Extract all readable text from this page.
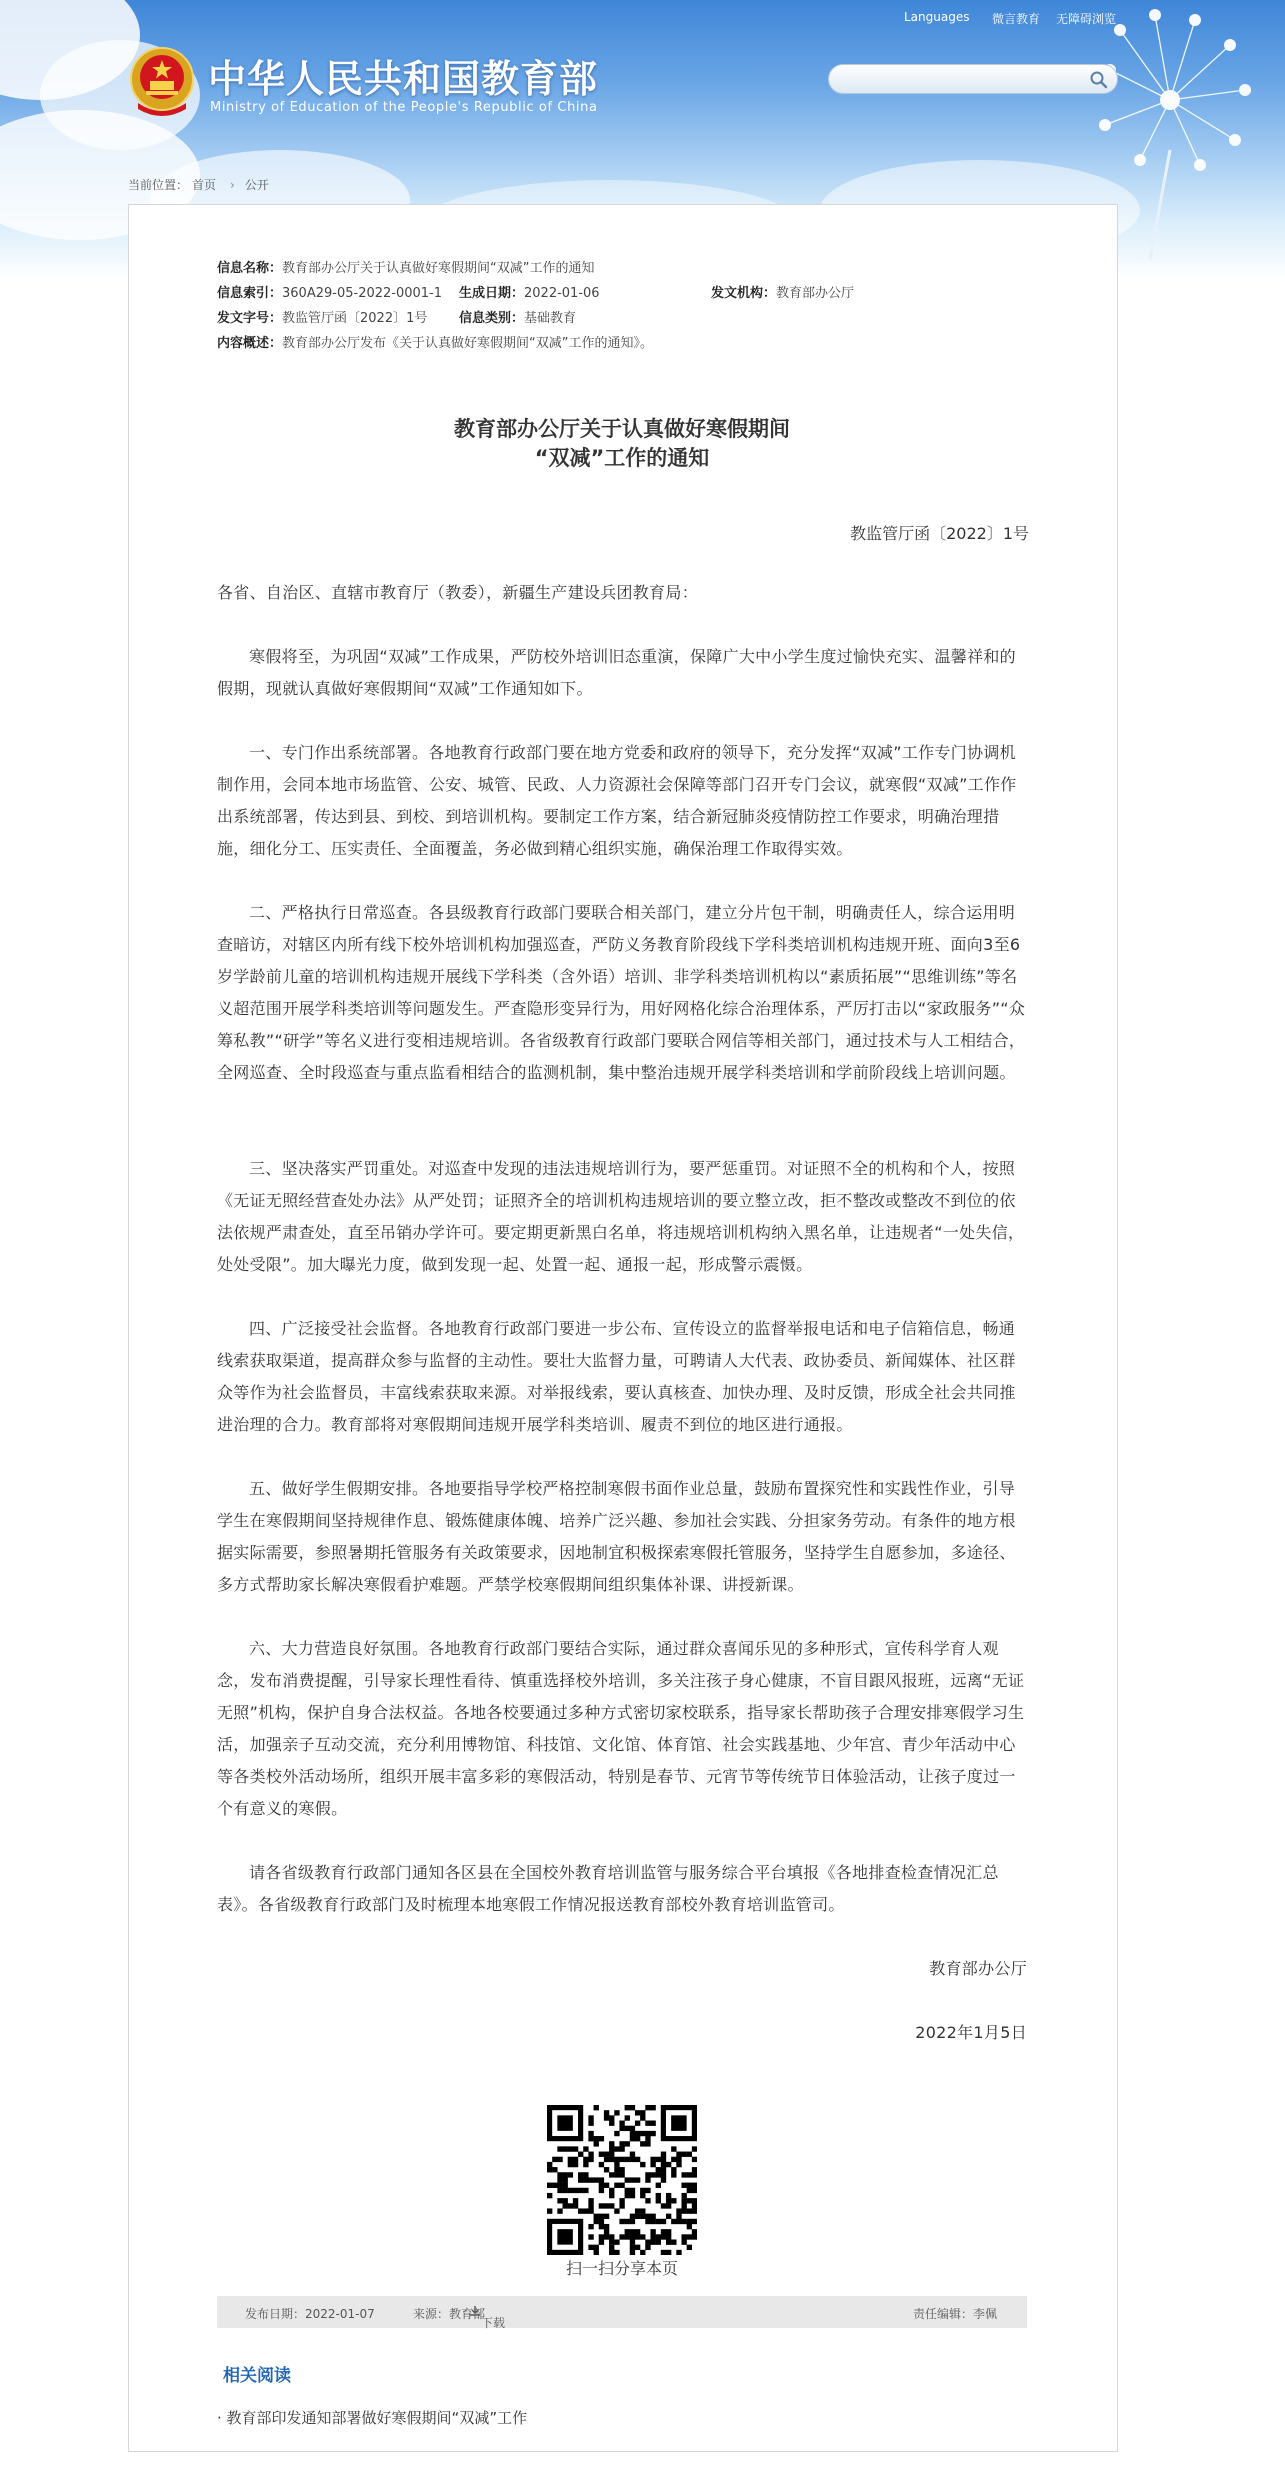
Languages 微言教育 无障碍浏览
中华人民共和国教育部
Ministry of Education of the People's Republic of China
当前位置： 首页 › 公开
信息名称：教育部办公厅关于认真做好寒假期间“双减”工作的通知
信息索引：360A29-05-2022-0001-1 生成日期：2022-01-06	发文机构：教育部办公厅
发文字号：教监管厅函〔2022〕1号 信息类别：基础教育
内容概述：教育部办公厅发布《关于认真做好寒假期间“双减”工作的通知》。
教育部办公厅关于认真做好寒假期间
“双减”工作的通知
教监管厅函〔2022〕1号
各省、自治区、直辖市教育厅（教委），新疆生产建设兵团教育局：
寒假将至，为巩固“双减”工作成果，严防校外培训旧态重演，保障广大中小学生度过愉快充实、温馨祥和的假期，现就认真做好寒假期间“双减”工作通知如下。
一、专门作出系统部署。各地教育行政部门要在地方党委和政府的领导下，充分发挥“双减”工作专门协调机制作用，会同本地市场监管、公安、城管、民政、人力资源社会保障等部门召开专门会议，就寒假“双减”工作作出系统部署，传达到县、到校、到培训机构。要制定工作方案，结合新冠肺炎疫情防控工作要求，明确治理措施，细化分工、压实责任、全面覆盖，务必做到精心组织实施，确保治理工作取得实效。
二、严格执行日常巡查。各县级教育行政部门要联合相关部门，建立分片包干制，明确责任人，综合运用明查暗访，对辖区内所有线下校外培训机构加强巡查，严防义务教育阶段线下学科类培训机构违规开班、面向3至6岁学龄前儿童的培训机构违规开展线下学科类（含外语）培训、非学科类培训机构以“素质拓展”“思维训练”等名义超范围开展学科类培训等问题发生。严查隐形变异行为，用好网格化综合治理体系，严厉打击以“家政服务”“众筹私教”“研学”等名义进行变相违规培训。各省级教育行政部门要联合网信等相关部门，通过技术与人工相结合，全网巡查、全时段巡查与重点监看相结合的监测机制，集中整治违规开展学科类培训和学前阶段线上培训问题。
三、坚决落实严罚重处。对巡查中发现的违法违规培训行为，要严惩重罚。对证照不全的机构和个人，按照《无证无照经营查处办法》从严处罚；证照齐全的培训机构违规培训的要立整立改，拒不整改或整改不到位的依法依规严肃查处，直至吊销办学许可。要定期更新黑白名单，将违规培训机构纳入黑名单，让违规者“一处失信，处处受限”。加大曝光力度，做到发现一起、处置一起、通报一起，形成警示震慑。
四、广泛接受社会监督。各地教育行政部门要进一步公布、宣传设立的监督举报电话和电子信箱信息，畅通线索获取渠道，提高群众参与监督的主动性。要壮大监督力量，可聘请人大代表、政协委员、新闻媒体、社区群众等作为社会监督员，丰富线索获取来源。对举报线索，要认真核查、加快办理、及时反馈，形成全社会共同推进治理的合力。教育部将对寒假期间违规开展学科类培训、履责不到位的地区进行通报。
五、做好学生假期安排。各地要指导学校严格控制寒假书面作业总量，鼓励布置探究性和实践性作业，引导学生在寒假期间坚持规律作息、锻炼健康体魄、培养广泛兴趣、参加社会实践、分担家务劳动。有条件的地方根据实际需要，参照暑期托管服务有关政策要求，因地制宜积极探索寒假托管服务，坚持学生自愿参加，多途径、多方式帮助家长解决寒假看护难题。严禁学校寒假期间组织集体补课、讲授新课。
六、大力营造良好氛围。各地教育行政部门要结合实际，通过群众喜闻乐见的多种形式，宣传科学育人观念，发布消费提醒，引导家长理性看待、慎重选择校外培训，多关注孩子身心健康，不盲目跟风报班，远离“无证无照”机构，保护自身合法权益。各地各校要通过多种方式密切家校联系，指导家长帮助孩子合理安排寒假学习生活，加强亲子互动交流，充分利用博物馆、科技馆、文化馆、体育馆、社会实践基地、少年宫、青少年活动中心等各类校外活动场所，组织开展丰富多彩的寒假活动，特别是春节、元宵节等传统节日体验活动，让孩子度过一个有意义的寒假。
请各省级教育行政部门通知各区县在全国校外教育培训监管与服务综合平台填报《各地排查检查情况汇总表》。各省级教育行政部门及时梳理本地寒假工作情况报送教育部校外教育培训监管司。
教育部办公厅
2022年1月5日
扫一扫分享本页
发布日期：2022-01-07	来源：教育部
下载
责任编辑：李佩
相关阅读
· 教育部印发通知部署做好寒假期间“双减”工作
